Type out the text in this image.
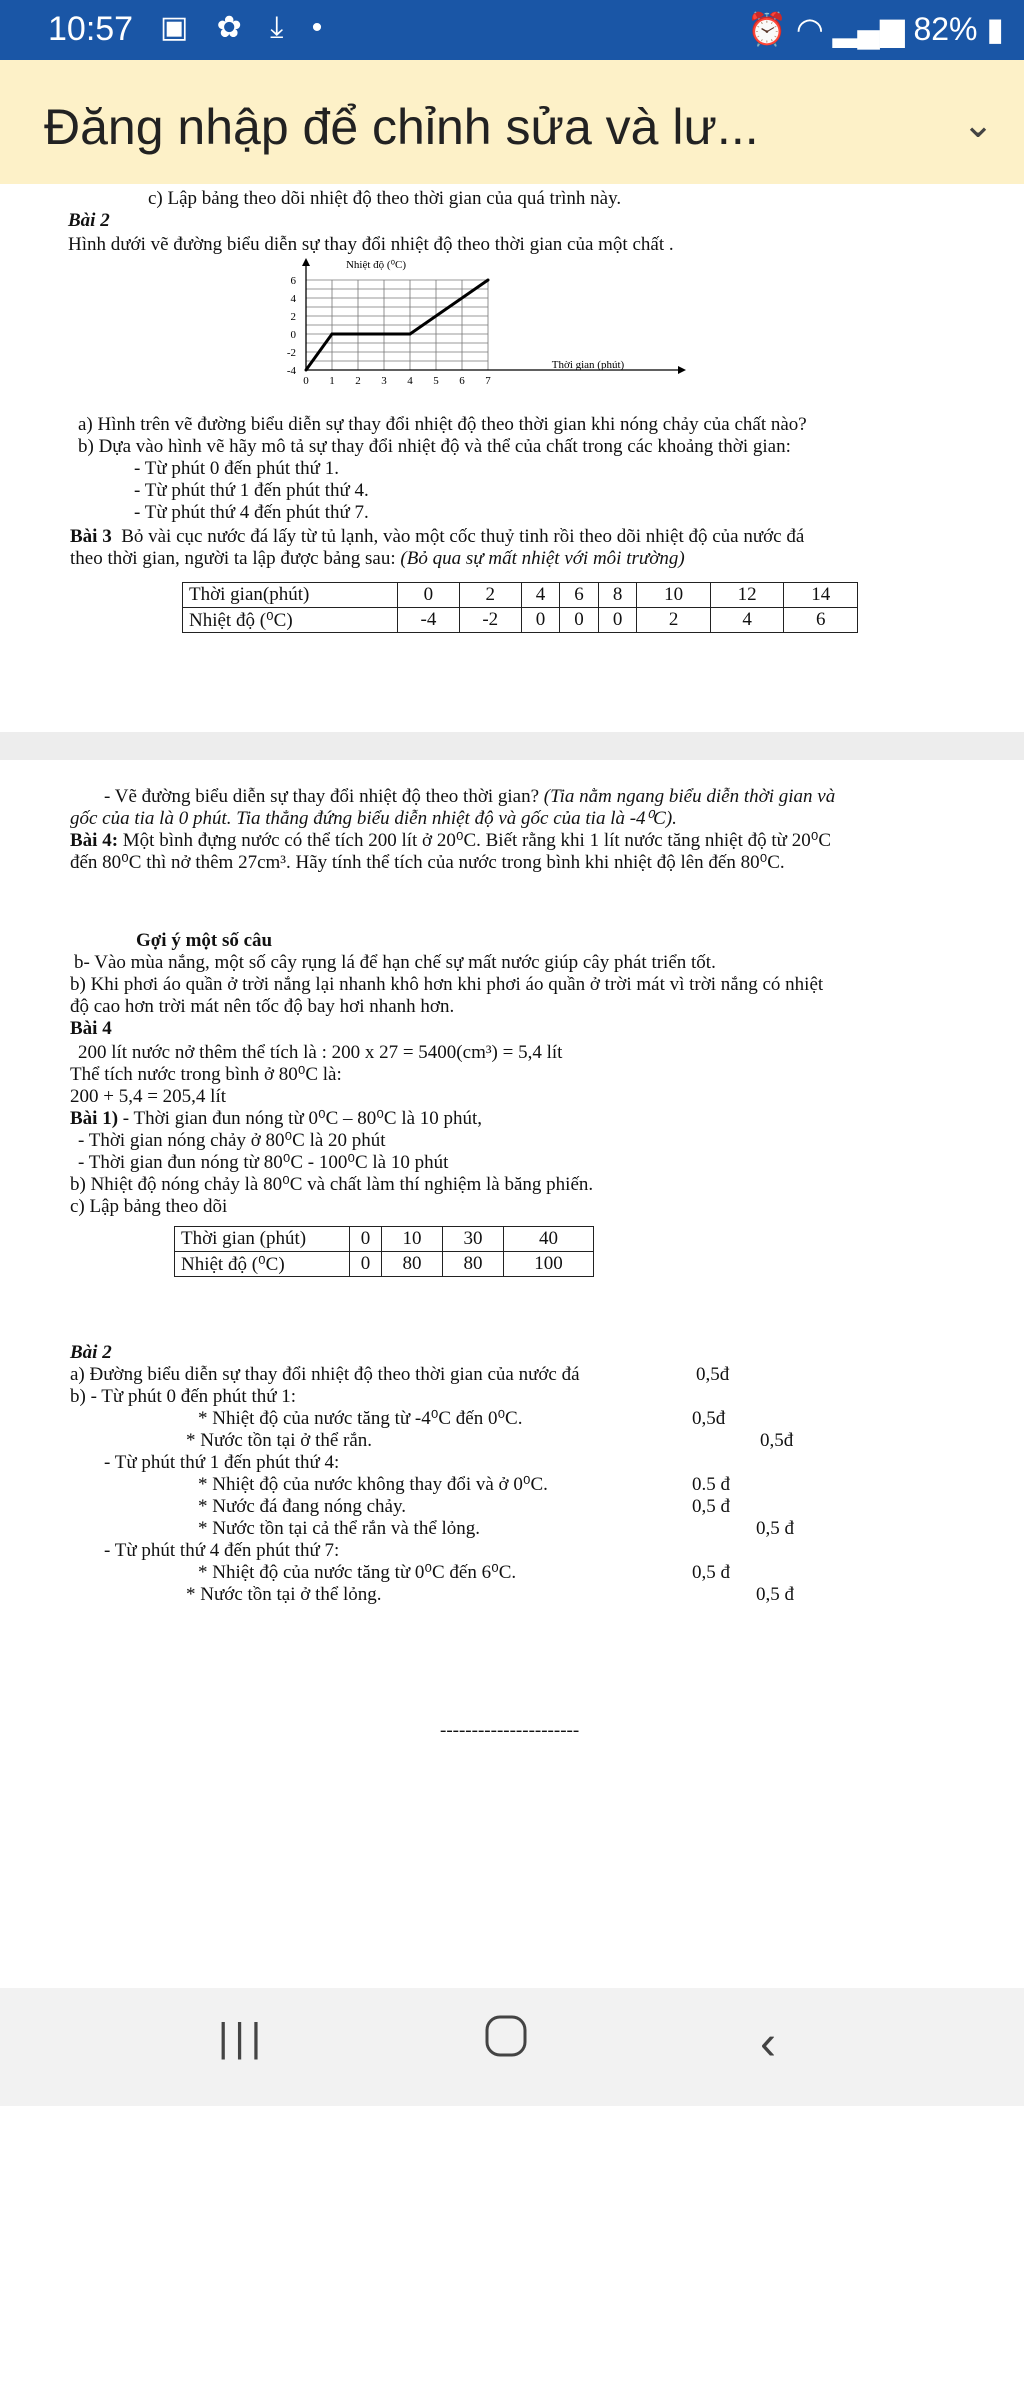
10:57 ▣ ✿ ⤓ •	⏰ ◠ ▂▄▆ 82% ▮
Đăng nhập để chỉnh sửa và lư...	⌄
c) Lập bảng theo dõi nhiệt độ theo thời gian của quá trình này.
Bài 2
Hình dưới vẽ đường biểu diễn sự thay đổi nhiệt độ theo thời gian của một chất .
0 1 2 3 4 5 6 7
6
4
2
0
-2
-4
Nhiệt độ (⁰C)
Thời gian (phút)
a) Hình trên vẽ đường biểu diễn sự thay đổi nhiệt độ theo thời gian khi nóng chảy của chất nào?
b) Dựa vào hình vẽ hãy mô tả sự thay đổi nhiệt độ và thể của chất trong các khoảng thời gian:
- Từ phút 0 đến phút thứ 1.
- Từ phút thứ 1 đến phút thứ 4.
- Từ phút thứ 4 đến phút thứ 7.
Bài 3 Bỏ vài cục nước đá lấy từ tủ lạnh, vào một cốc thuỷ tinh rồi theo dõi nhiệt độ của nước đá
theo thời gian, người ta lập được bảng sau: (Bỏ qua sự mất nhiệt với môi trường)
Thời gian(phút)	0	2	4	6	8	10	12	14
Nhiệt độ (⁰C)	-4	-2	0	0	0	2	4	6
- Vẽ đường biểu diễn sự thay đổi nhiệt độ theo thời gian? (Tia nằm ngang biểu diễn thời gian và
gốc của tia là 0 phút. Tia thẳng đứng biểu diễn nhiệt độ và gốc của tia là -4⁰C).
Bài 4: Một bình đựng nước có thể tích 200 lít ở 20⁰C. Biết rằng khi 1 lít nước tăng nhiệt độ từ 20⁰C
đến 80⁰C thì nở thêm 27cm³. Hãy tính thể tích của nước trong bình khi nhiệt độ lên đến 80⁰C.
Gợi ý một số câu
b- Vào mùa nắng, một số cây rụng lá để hạn chế sự mất nước giúp cây phát triển tốt.
b) Khi phơi áo quần ở trời nắng lại nhanh khô hơn khi phơi áo quần ở trời mát vì trời nắng có nhiệt
độ cao hơn trời mát nên tốc độ bay hơi nhanh hơn.
Bài 4
200 lít nước nở thêm thể tích là : 200 x 27 = 5400(cm³) = 5,4 lít
Thể tích nước trong bình ở 80⁰C là:
200 + 5,4 = 205,4 lít
Bài 1) - Thời gian đun nóng từ 0⁰C – 80⁰C là 10 phút,
- Thời gian nóng chảy ở 80⁰C là 20 phút
- Thời gian đun nóng từ 80⁰C - 100⁰C là 10 phút
b) Nhiệt độ nóng chảy là 80⁰C và chất làm thí nghiệm là băng phiến.
c) Lập bảng theo dõi
Thời gian (phút)	0	10	30	40
Nhiệt độ (⁰C)	0	80	80	100
Bài 2
a) Đường biểu diễn sự thay đổi nhiệt độ theo thời gian của nước đá	0,5đ
b) - Từ phút 0 đến phút thứ 1:
* Nhiệt độ của nước tăng từ -4⁰C đến 0⁰C.	0,5đ
* Nước tồn tại ở thể rắn.	0,5đ
- Từ phút thứ 1 đến phút thứ 4:
* Nhiệt độ của nước không thay đổi và ở 0⁰C.	0.5 đ
* Nước đá đang nóng chảy.	0,5 đ
* Nước tồn tại cả thể rắn và thể lỏng.	0,5 đ
- Từ phút thứ 4 đến phút thứ 7:
* Nhiệt độ của nước tăng từ 0⁰C đến 6⁰C.	0,5 đ
* Nước tồn tại ở thể lỏng.	0,5 đ
----------------------
|||	‹
